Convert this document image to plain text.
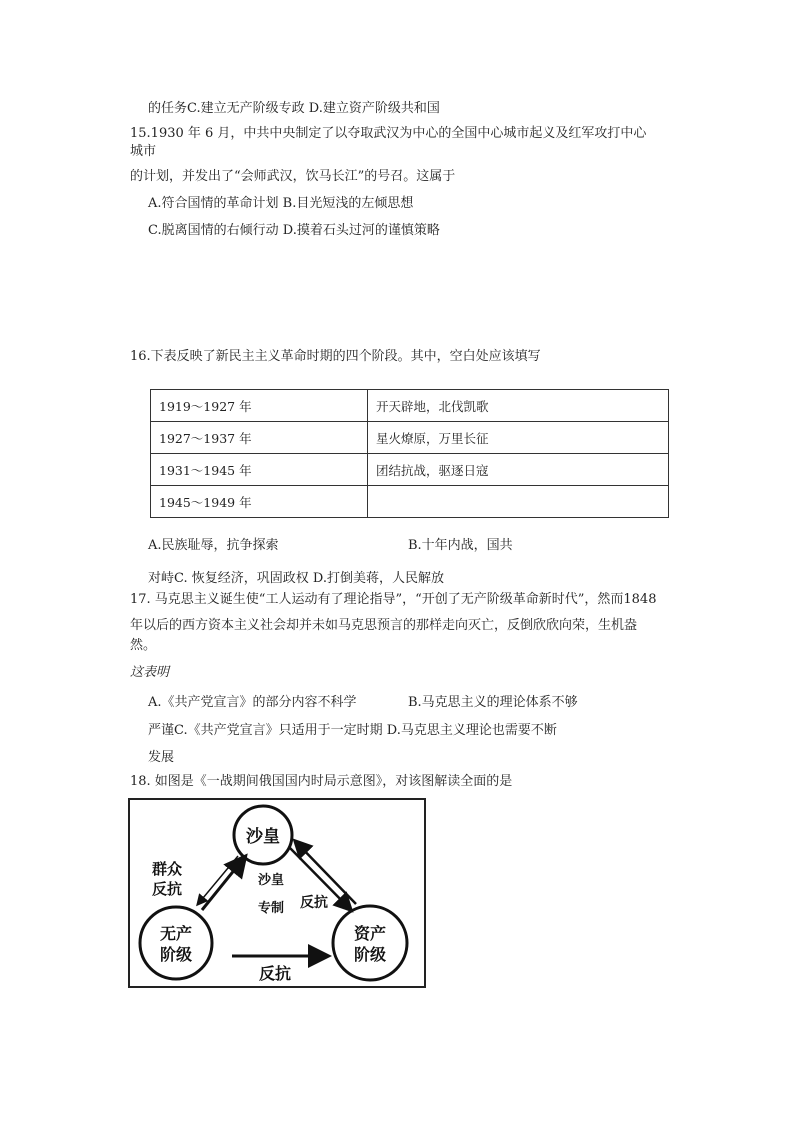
的任务C.建立无产阶级专政 D.建立资产阶级共和国
15.1930 年 6 月，中共中央制定了以夺取武汉为中心的全国中心城市起义及红军攻打中心
城市
的计划，并发出了“会师武汉，饮马长江”的号召。这属于
A.符合国情的革命计划 B.目光短浅的左倾思想
C.脱离国情的右倾行动 D.摸着石头过河的谨慎策略
16.下表反映了新民主主义革命时期的四个阶段。其中，空白处应该填写
1919～1927 年	开天辟地，北伐凯歌
1927～1937 年	星火燎原，万里长征
1931～1945 年	团结抗战，驱逐日寇
1945～1949 年	
A.民族耻辱，抗争探索	B.十年内战，国共
对峙C. 恢复经济，巩固政权 D.打倒美蒋，人民解放
17. 马克思主义诞生使“工人运动有了理论指导”，“开创了无产阶级革命新时代”，然而1848
年以后的西方资本主义社会却并未如马克思预言的那样走向灭亡，反倒欣欣向荣，生机盎
然。
这表明
A.《共产党宣言》的部分内容不科学	B.马克思主义的理论体系不够
严谨C.《共产党宣言》只适用于一定时期 D.马克思主义理论也需要不断
发展
18. 如图是《一战期间俄国国内时局示意图》，对该图解读全面的是
沙皇
无产
阶级
资产
阶级
群众
反抗	沙皇
专制 反抗
反抗
